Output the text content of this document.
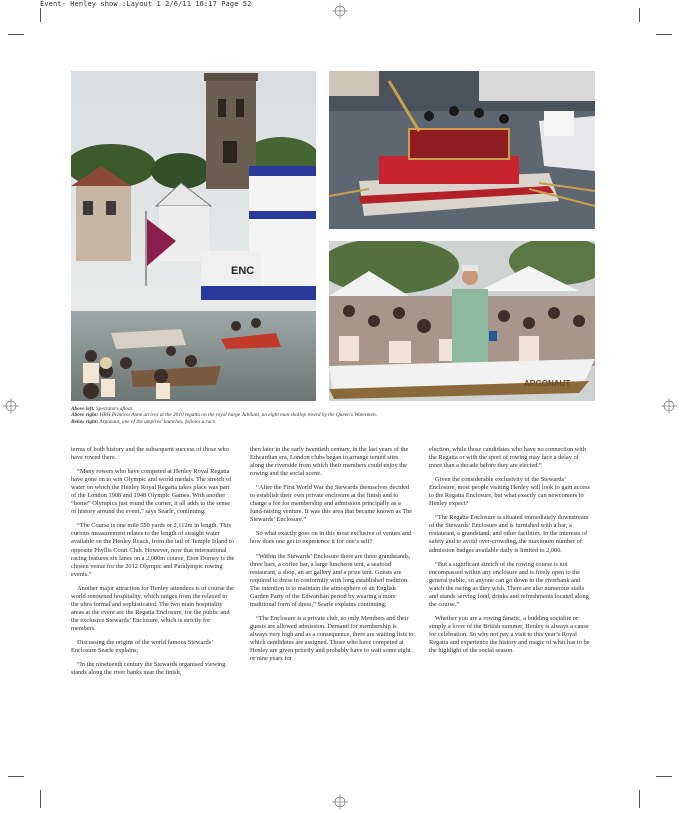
Event- Henley show :Layout 1 2/6/11 16:17 Page 52
ENC
ARGONAUT
Above left: Spectators afloat.
Above right: HRH Princess Anne arrives at the 2010 regatta on the royal barge Jubilant, an eight man shallop rowed by the Queen's Watermen.
Below right: Argonaut, one of the umpires' launches, follows a race.

terms of both history and the subsequent success of those who have rowed there.

“Many rowers who have competed at Henley Royal Regatta have gone on to win Olympic and world medals. The stretch of water on which the Henley Royal Regatta takes place was part of the London 1908 and 1948 Olympic Games. With another “home” Olympics just round the corner, it all adds to the sense of history around the event,” says Searle, continuing;

“The Course is one mile 550 yards or 2,112m in length. This curious measurement relates to the length of straight water available on the Henley Reach, from the tail of Temple Island to opposite Phyllis Court Club. However, now that international racing features six lanes on a 2,000m course, Eton Dorney is the chosen venue for the 2012 Olympic and Paralympic rowing events.”

Another major attraction for Henley attendees is of course the world renowned hospitality, which ranges from the relaxed to the ultra formal and sophisticated. The two main hospitality areas at the event are the Regatta Enclosure, for the public and the exclusive Stewards’ Enclosure, which is strictly for members.

Discussing the origins of the world famous Stewards’ Enclosure Searle explains;

“In the nineteenth century the Stewards organised viewing stands along the river banks near the finish,

then later in the early twentieth century, in the last years of the Edwardian era, London clubs began to arrange tented sites along the riverside from which their members could enjoy the rowing and the social scene.

“After the First World War the Stewards themselves decided to establish their own private enclosure at the finish and to charge a fee for membership and admission principally as a fund-raising venture. It was this area that became known as The Stewards’ Enclosure.”

So what exactly goes on in this most exclusive of venues and how does one get to experience it for one’s self?

“Within the Stewards’ Enclosure there are three grandstands, three bars, a coffee bar, a large luncheon tent, a seafood restaurant, a shop, an art gallery and a prize tent. Guests are required to dress in conformity with long established tradition. The intention is to maintain the atmosphere of an English Garden Party of the Edwardian period by wearing a more traditional form of dress,” Searle explains continuing;

“The Enclosure is a private club, so only Members and their guests are allowed admission. Demand for membership is always very high and as a consequence, there are waiting lists to which candidates are assigned. Those who have competed at Henley are given priority and probably have to wait some eight or nine years for

election, while those candidates who have no connection with the Regatta or with the sport of rowing may face a delay of more than a decade before they are elected.”

Given the considerable exclusivity of the Stewards’ Enclosure, most people visiting Henley will look to gain access to the Regatta Enclosure, but what exactly can newcomers to Henley expect?

“The Regatta Enclosure is situated immediately downstream of the Stewards’ Enclosure and is furnished with a bar, a restaurant, a grandstand, and other facilities. In the interests of safety and to avoid over-crowding, the maximum number of admission badges available daily is limited to 2,000.

“But a significant stretch of the rowing course is not encompassed within any enclosure and is freely open to the general public, so anyone can go down to the riverbank and watch the racing as they wish. There are also numerous stalls and stands serving food, drinks and refreshments located along the course.”

Whether you are a rowing fanatic, a budding socialite or simply a lover of the British summer, Henley is always a cause for celebration. So why not pay a visit to this year’s Royal Regatta and experience the history and magic of what has to be the highlight of the social season.
